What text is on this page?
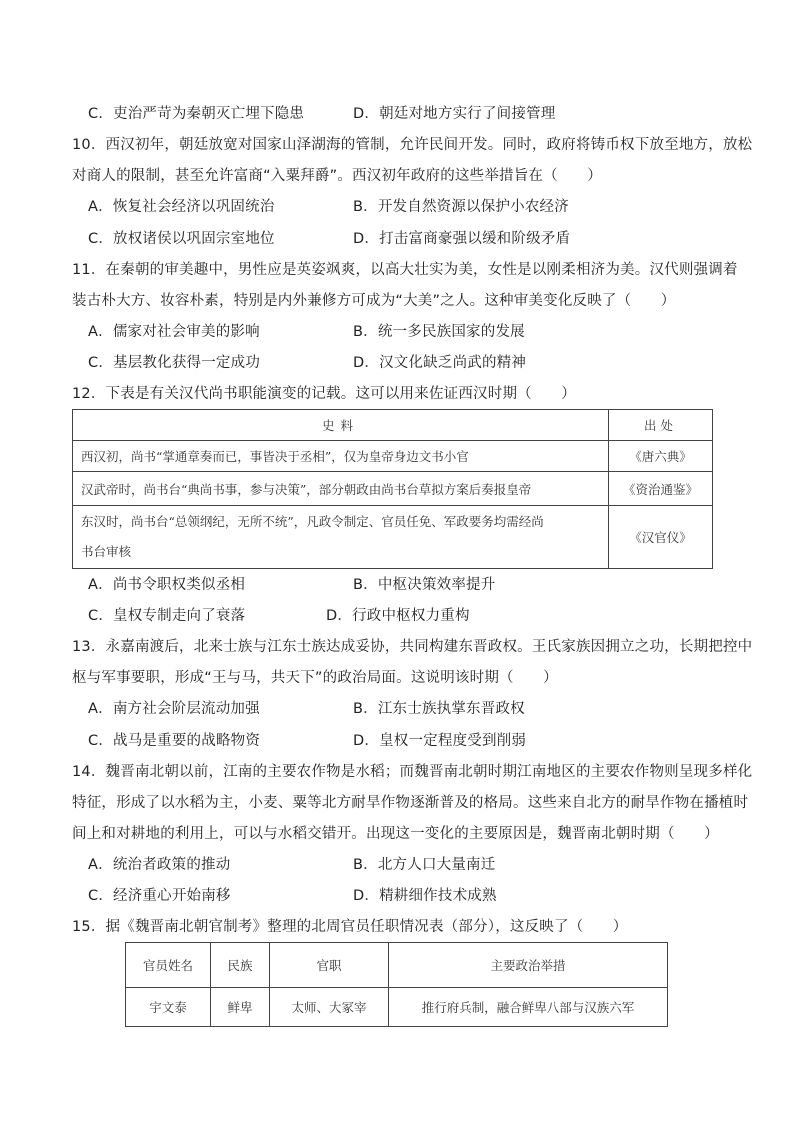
C．吏治严苛为秦朝灭亡埋下隐患	D．朝廷对地方实行了间接管理
10．西汉初年，朝廷放宽对国家山泽湖海的管制，允许民间开发。同时，政府将铸币权下放至地方，放松
对商人的限制，甚至允许富商“入粟拜爵”。西汉初年政府的这些举措旨在（　　）
A．恢复社会经济以巩固统治	B．开发自然资源以保护小农经济
C．放权诸侯以巩固宗室地位	D．打击富商豪强以缓和阶级矛盾
11．在秦朝的审美趣中，男性应是英姿飒爽，以高大壮实为美，女性是以刚柔相济为美。汉代则强调着
装古朴大方、妆容朴素，特别是内外兼修方可成为“大美”之人。这种审美变化反映了（　　）
A．儒家对社会审美的影响	B．统一多民族国家的发展
C．基层教化获得一定成功	D．汉文化缺乏尚武的精神
12．下表是有关汉代尚书职能演变的记载。这可以用来佐证西汉时期（　　）
史料	出处
西汉初，尚书“掌通章奏而已，事皆决于丞相”，仅为皇帝身边文书小官	《唐六典》
汉武帝时，尚书台“典尚书事，参与决策”，部分朝政由尚书台草拟方案后奏报皇帝	《资治通鉴》

东汉时，尚书台“总领纲纪，无所不统”，凡政令制定、官员任免、军政要务均需经尚
书台审核	《汉官仪》
A．尚书令职权类似丞相	B．中枢决策效率提升
C．皇权专制走向了衰落	D．行政中枢权力重构
13．永嘉南渡后，北来士族与江东士族达成妥协，共同构建东晋政权。王氏家族因拥立之功，长期把控中
枢与军事要职，形成“王与马，共天下”的政治局面。这说明该时期（　　）
A．南方社会阶层流动加强	B．江东士族执掌东晋政权
C．战马是重要的战略物资	D．皇权一定程度受到削弱
14．魏晋南北朝以前，江南的主要农作物是水稻；而魏晋南北朝时期江南地区的主要农作物则呈现多样化
特征，形成了以水稻为主，小麦、粟等北方耐旱作物逐渐普及的格局。这些来自北方的耐旱作物在播植时
间上和对耕地的利用上，可以与水稻交错开。出现这一变化的主要原因是，魏晋南北朝时期（　　）
A．统治者政策的推动	B．北方人口大量南迁
C．经济重心开始南移	D．精耕细作技术成熟
15．据《魏晋南北朝官制考》整理的北周官员任职情况表（部分），这反映了（　　）
官员姓名	民族	官职	主要政治举措
宇文泰	鲜卑	太师、大冢宰	推行府兵制，融合鲜卑八部与汉族六军
